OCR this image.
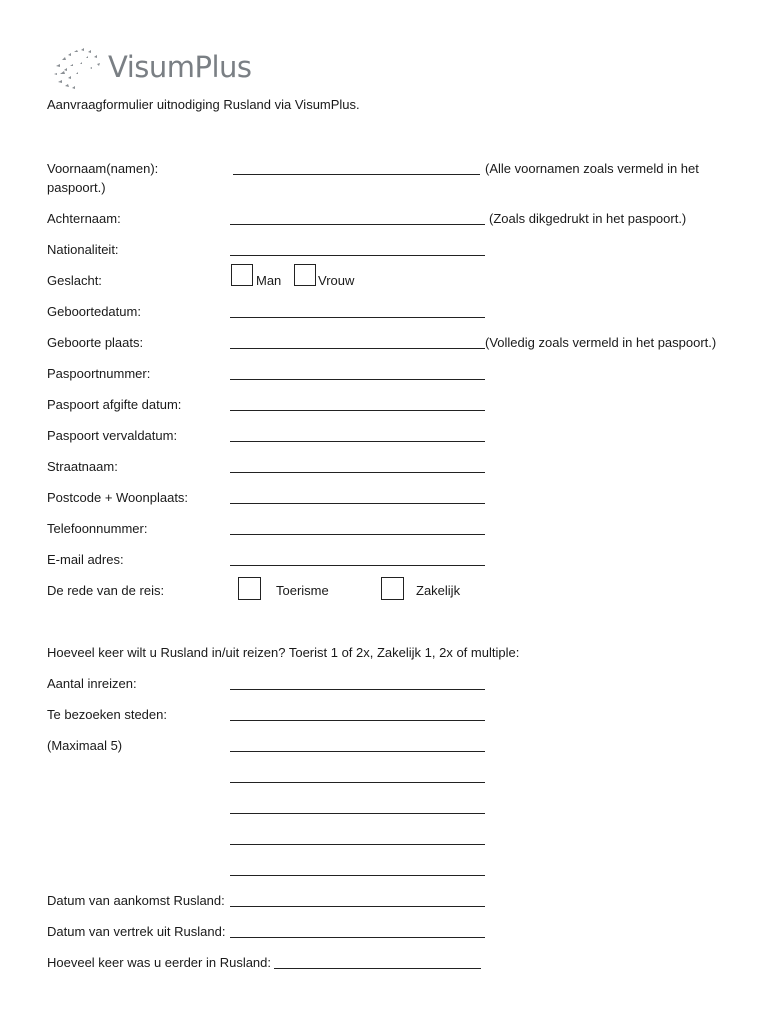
VisumPlus
Aanvraagformulier uitnodiging Rusland via VisumPlus.
Voornaam(namen):	(Alle voornamen zoals vermeld in het
paspoort.)
Achternaam:	(Zoals dikgedrukt in het paspoort.)
Nationaliteit:
Geslacht:	Man	Vrouw
Geboortedatum:
Geboorte plaats:	(Volledig zoals vermeld in het paspoort.)
Paspoortnummer:
Paspoort afgifte datum:
Paspoort vervaldatum:
Straatnaam:
Postcode + Woonplaats:
Telefoonnummer:
E-mail adres:
De rede van de reis:	Toerisme	Zakelijk
Hoeveel keer wilt u Rusland in/uit reizen? Toerist 1 of 2x, Zakelijk 1, 2x of multiple:
Aantal inreizen:
Te bezoeken steden:
(Maximaal 5)
Datum van aankomst Rusland:
Datum van vertrek uit Rusland:
Hoeveel keer was u eerder in Rusland:
